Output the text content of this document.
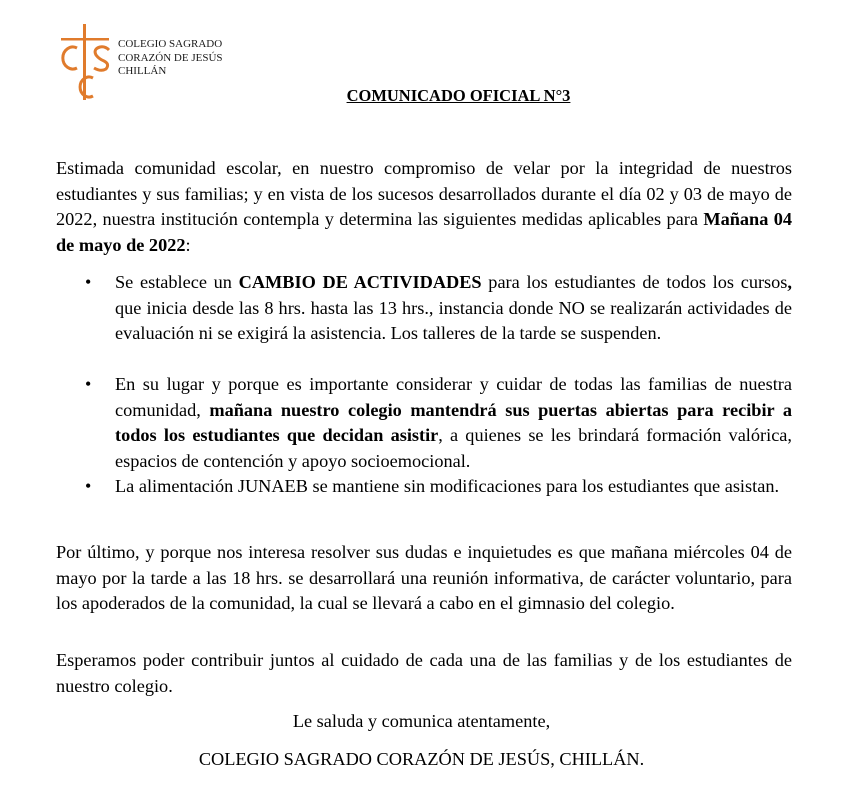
COLEGIO SAGRADO
CORAZÓN DE JESÚS
CHILLÁN
COMUNICADO OFICIAL N°3

Estimada comunidad escolar, en nuestro compromiso de velar por la integridad de nuestros estudiantes y sus familias; y en vista de los sucesos desarrollados durante el día 02 y 03 de mayo de 2022, nuestra institución contempla y determina las siguientes medidas aplicables para Mañana 04 de mayo de 2022:

• Se establece un CAMBIO DE ACTIVIDADES para los estudiantes de todos los cursos, que inicia desde las 8 hrs. hasta las 13 hrs., instancia donde NO se realizarán actividades de evaluación ni se exigirá la asistencia. Los talleres de la tarde se suspenden.
• En su lugar y porque es importante considerar y cuidar de todas las familias de nuestra comunidad, mañana nuestro colegio mantendrá sus puertas abiertas para recibir a todos los estudiantes que decidan asistir, a quienes se les brindará formación valórica, espacios de contención y apoyo socioemocional.
• La alimentación JUNAEB se mantiene sin modificaciones para los estudiantes que asistan.

Por último, y porque nos interesa resolver sus dudas e inquietudes es que mañana miércoles 04 de mayo por la tarde a las 18 hrs. se desarrollará una reunión informativa, de carácter voluntario, para los apoderados de la comunidad, la cual se llevará a cabo en el gimnasio del colegio.

Esperamos poder contribuir juntos al cuidado de cada una de las familias y de los estudiantes de nuestro colegio.

Le saluda y comunica atentamente,
COLEGIO SAGRADO CORAZÓN DE JESÚS, CHILLÁN.
